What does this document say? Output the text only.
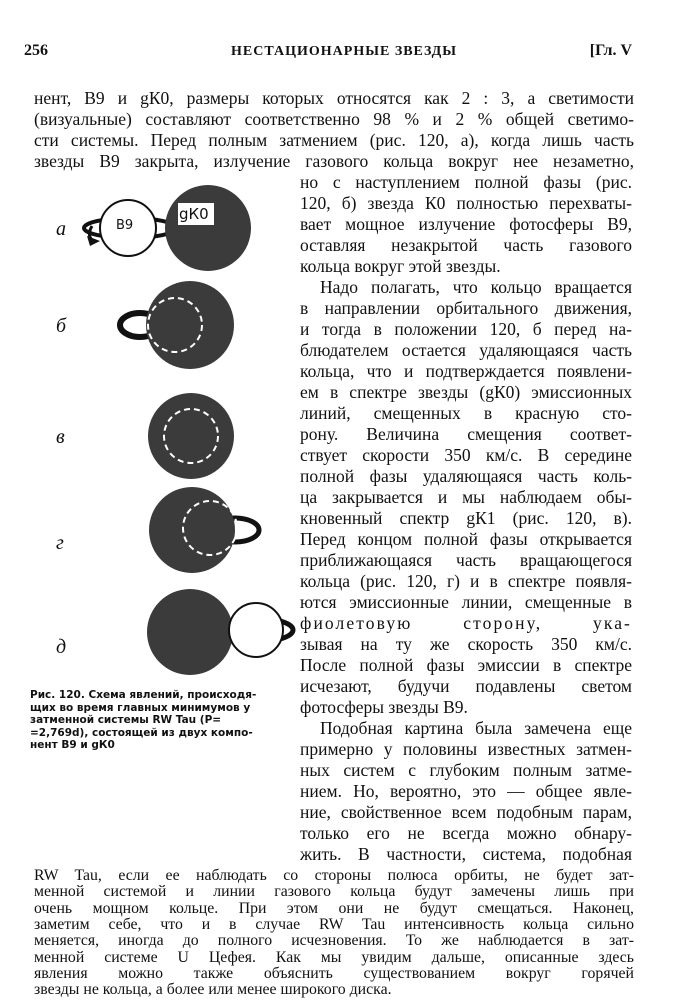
256	НЕСТАЦИОНАРНЫЕ ЗВЕЗДЫ	[Гл. V
нент, В9 и gК0, размеры которых относятся как 2 : 3, а светимости
(визуальные) составляют соответственно 98 % и 2 % общей светимо-
сти системы. Перед полным затмением (рис. 120, а), когда лишь часть
звезды В9 закрыта, излучение газового кольца вокруг нее незаметно,
но с наступлением полной фазы (рис.
120, б) звезда К0 полностью перехваты-
вает мощное излучение фотосферы В9,
оставляя незакрытой часть газового
кольца вокруг этой звезды.
Надо полагать, что кольцо вращается
в направлении орбитального движения,
и тогда в положении 120, б перед на-
блюдателем остается удаляющаяся часть
кольца, что и подтверждается появлени-
ем в спектре звезды (gК0) эмиссионных
линий, смещенных в красную сто-
рону. Величина смещения соответ-
ствует скорости 350 км/с. В середине
полной фазы удаляющаяся часть коль-
ца закрывается и мы наблюдаем обы-
кновенный спектр gК1 (рис. 120, в).
Перед концом полной фазы открывается
приближающаяся часть вращающегося
кольца (рис. 120, г) и в спектре появля-
ются эмиссионные линии, смещенные в
фиолетовую сторону, ука-
зывая на ту же скорость 350 км/с.
После полной фазы эмиссии в спектре
исчезают, будучи подавлены светом
фотосферы звезды В9.
Подобная картина была замечена еще
примерно у половины известных затмен-
ных систем с глубоким полным затме-
нием. Но, вероятно, это — общее явле-
ние, свойственное всем подобным парам,
только его не всегда можно обнару-
жить. В частности, система, подобная
RW Tau, если ее наблюдать со стороны полюса орбиты, не будет зат-
менной системой и линии газового кольца будут замечены лишь при
очень мощном кольце. При этом они не будут смещаться. Наконец,
заметим себе, что и в случае RW Tau интенсивность кольца сильно
меняется, иногда до полного исчезновения. То же наблюдается в зат-
менной системе U Цефея. Как мы увидим дальше, описанные здесь
явления можно также объяснить существованием вокруг горячей
звезды не кольца, а более или менее широкого диска.
В9
gК0
а
б
в
г
д
Рис. 120. Схема явлений, происходя-
щих во время главных минимумов у
затменной системы RW Tau (P=
=2,769d), состоящей из двух компо-
нент В9 и gК0
